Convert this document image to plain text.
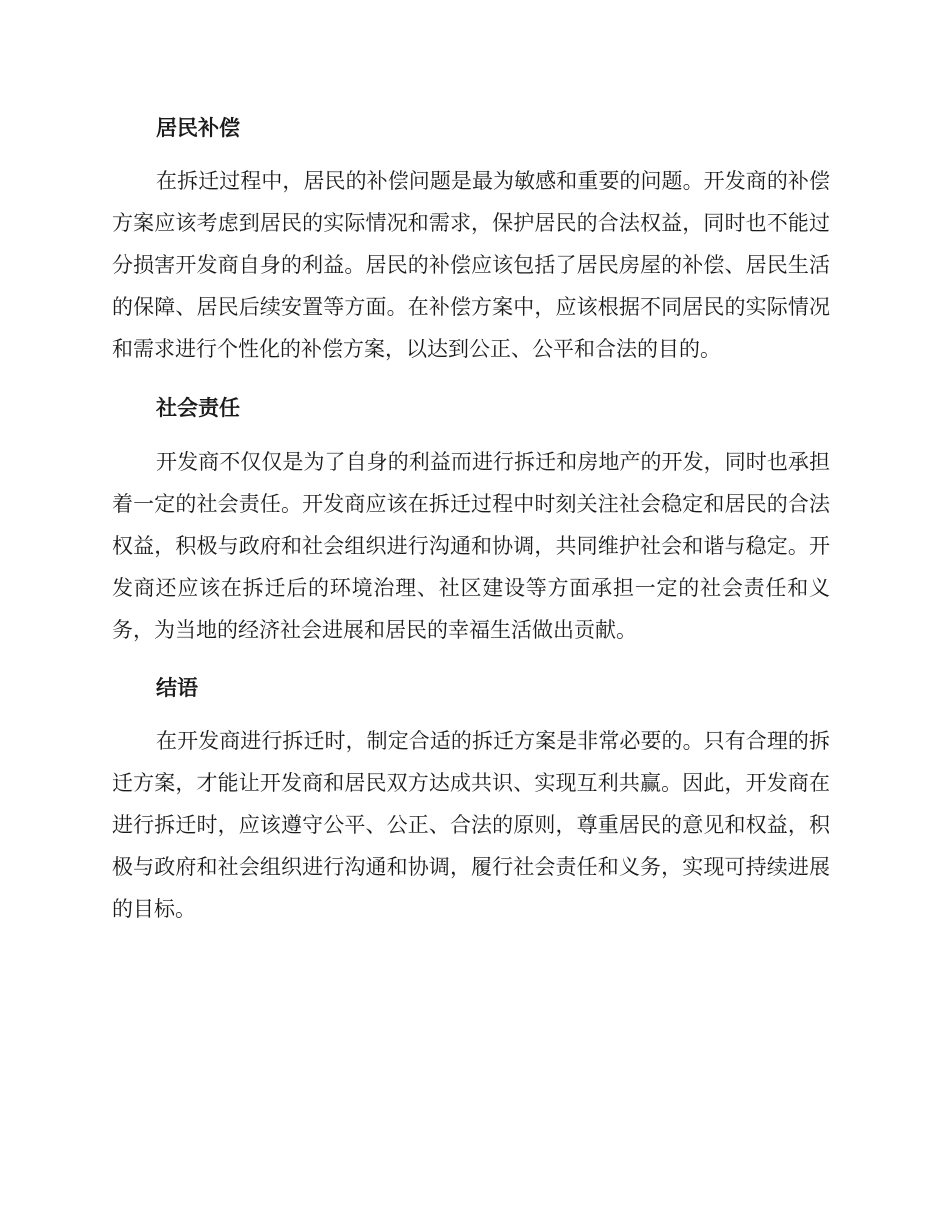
居民补偿

在拆迁过程中，居民的补偿问题是最为敏感和重要的问题。开发商的补偿方案应该考虑到居民的实际情况和需求，保护居民的合法权益，同时也不能过分损害开发商自身的利益。居民的补偿应该包括了居民房屋的补偿、居民生活的保障、居民后续安置等方面。在补偿方案中，应该根据不同居民的实际情况和需求进行个性化的补偿方案，以达到公正、公平和合法的目的。

社会责任

开发商不仅仅是为了自身的利益而进行拆迁和房地产的开发，同时也承担着一定的社会责任。开发商应该在拆迁过程中时刻关注社会稳定和居民的合法权益，积极与政府和社会组织进行沟通和协调，共同维护社会和谐与稳定。开发商还应该在拆迁后的环境治理、社区建设等方面承担一定的社会责任和义务，为当地的经济社会进展和居民的幸福生活做出贡献。

结语

在开发商进行拆迁时，制定合适的拆迁方案是非常必要的。只有合理的拆迁方案，才能让开发商和居民双方达成共识、实现互利共赢。因此，开发商在进行拆迁时，应该遵守公平、公正、合法的原则，尊重居民的意见和权益，积极与政府和社会组织进行沟通和协调，履行社会责任和义务，实现可持续进展的目标。
